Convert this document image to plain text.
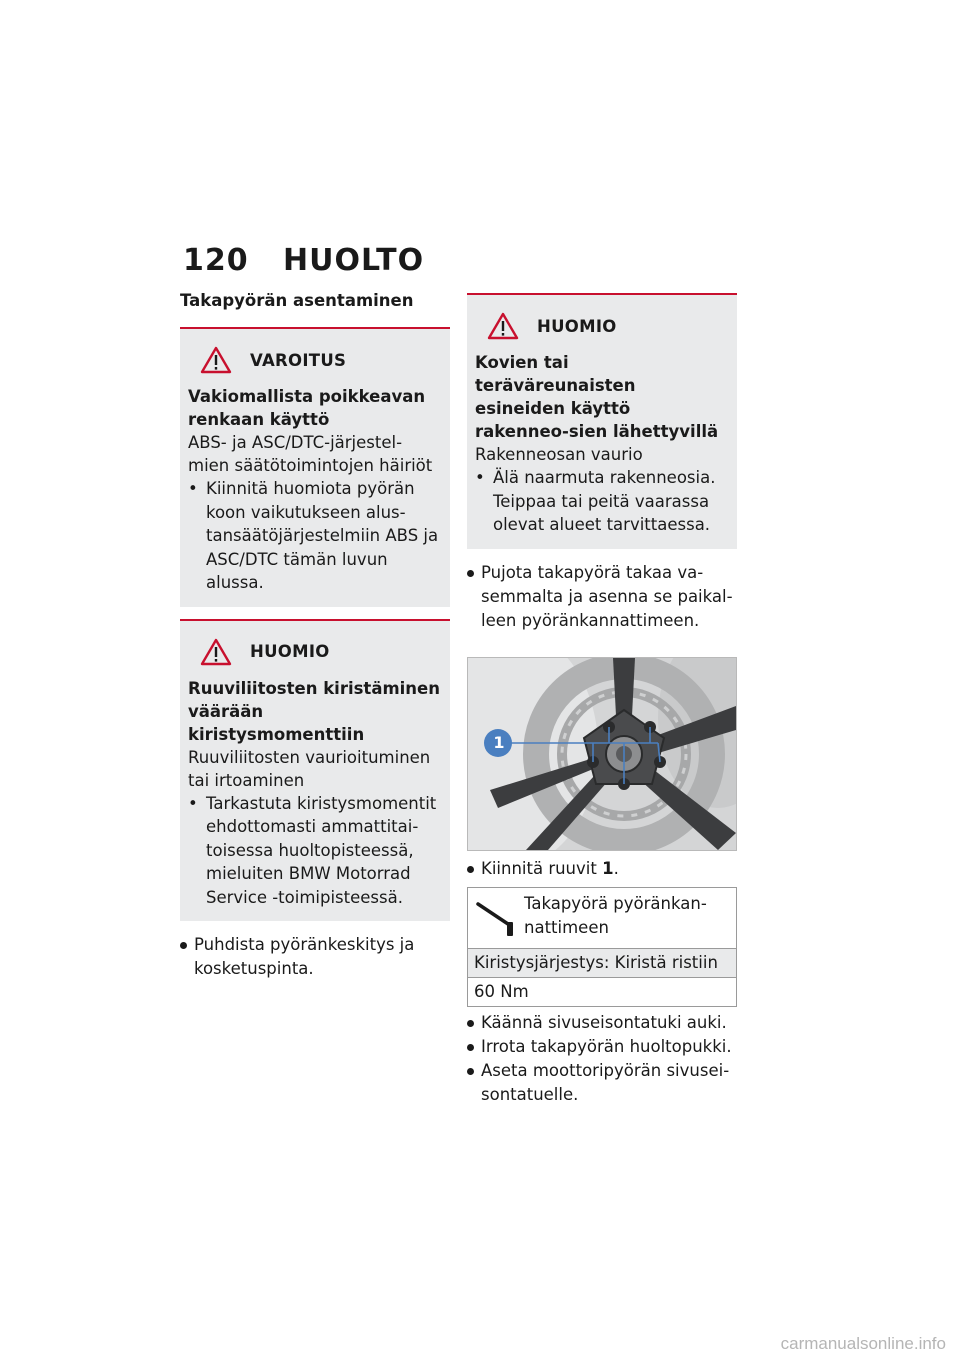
120	HUOLTO
Takapyörän asentaminen
VAROITUS
Vakiomallista poikkeavan renkaan käyttö
ABS- ja ASC/DTC-järjestel-mien säätötoimintojen häiriöt
• Kiinnitä huomiota pyörän koon vaikutukseen alus-tansäätöjärjestelmiin ABS ja ASC/DTC tämän luvun alussa.
HUOMIO
Ruuviliitosten kiristäminen väärään kiristysmomenttiin
Ruuviliitosten vaurioituminen tai irtoaminen
• Tarkastuta kiristysmomentit ehdottomasti ammattitai-toisessa huoltopisteessä, mieluiten BMW Motorrad Service -toimipisteessä.
Puhdista pyöränkeskitys ja kosketuspinta.
HUOMIO
Kovien tai teräväreunaisten esineiden käyttö rakenneo-sien lähettyvillä
Rakenneosan vaurio
• Älä naarmuta rakenneosia. Teippaa tai peitä vaarassa olevat alueet tarvittaessa.
Pujota takapyörä takaa va-semmalta ja asenna se paikal-leen pyöränkannattimeen.
1
Kiinnitä ruuvit 1.
Takapyörä pyöränkan-nattimeen
Kiristysjärjestys: Kiristä ristiin
60 Nm
Käännä sivuseisontatuki auki.
Irrota takapyörän huoltopukki.
Aseta moottoripyörän sivusei-sontatuelle.
carmanualsonline.info
